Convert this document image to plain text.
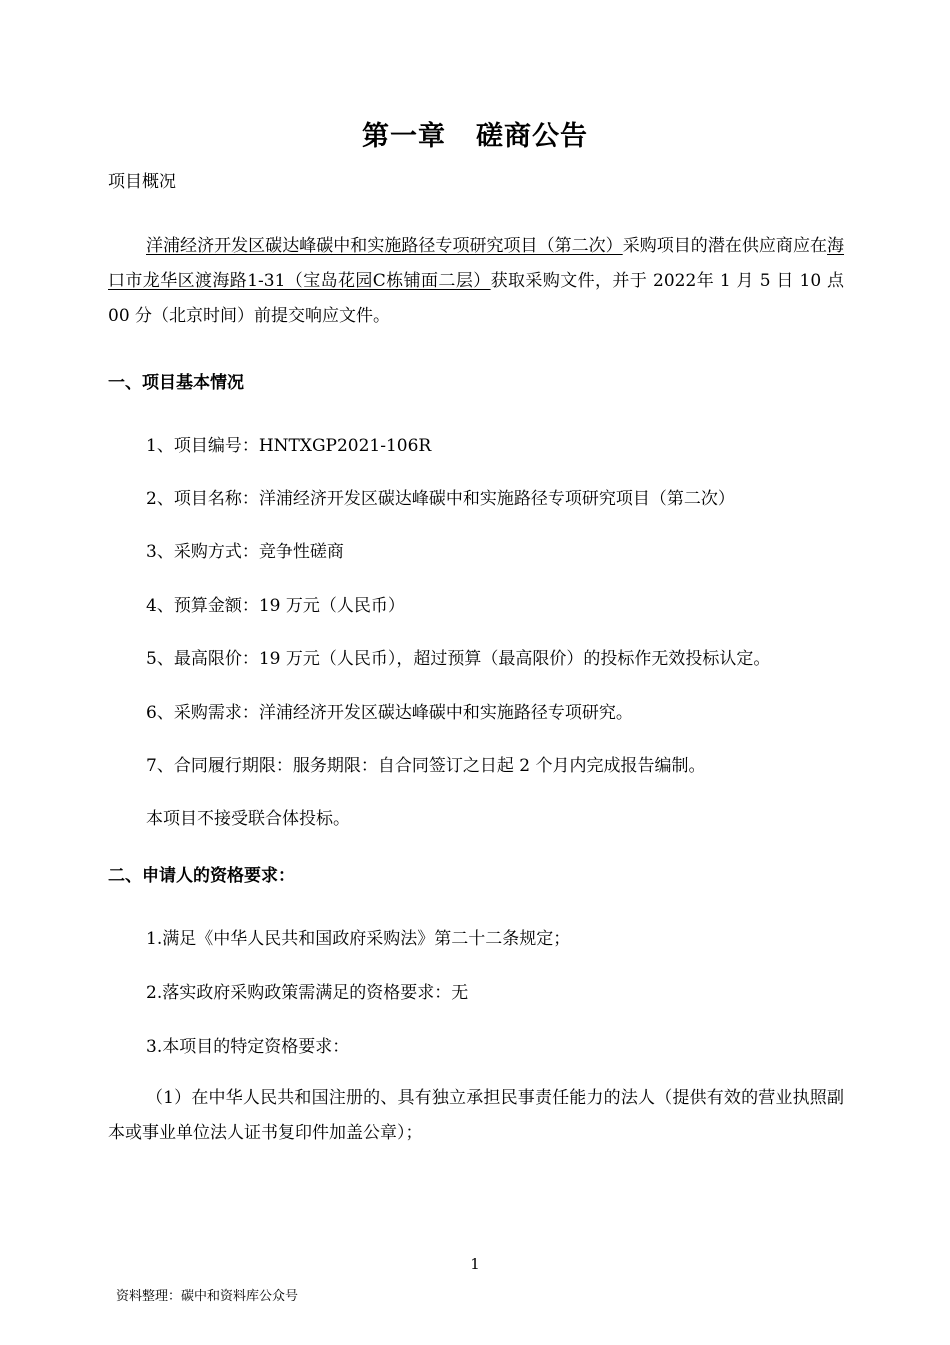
第一章 磋商公告
项目概况
洋浦经济开发区碳达峰碳中和实施路径专项研究项目（第二次）采购项目的潜在供应商应在海口市龙华区渡海路1-31（宝岛花园C栋铺面二层）获取采购文件，并于 2022年 1 月 5 日 10 点 00 分（北京时间）前提交响应文件。
一、项目基本情况
1、项目编号：HNTXGP2021-106R
2、项目名称：洋浦经济开发区碳达峰碳中和实施路径专项研究项目（第二次）
3、采购方式：竞争性磋商
4、预算金额：19 万元（人民币）
5、最高限价：19 万元（人民币），超过预算（最高限价）的投标作无效投标认定。
6、采购需求：洋浦经济开发区碳达峰碳中和实施路径专项研究。
7、合同履行期限：服务期限：自合同签订之日起 2 个月内完成报告编制。
本项目不接受联合体投标。
二、申请人的资格要求：
1.满足《中华人民共和国政府采购法》第二十二条规定；
2.落实政府采购政策需满足的资格要求：无
3.本项目的特定资格要求：
（1）在中华人民共和国注册的、具有独立承担民事责任能力的法人（提供有效的营业执照副本或事业单位法人证书复印件加盖公章）；
1
资料整理：碳中和资料库公众号
